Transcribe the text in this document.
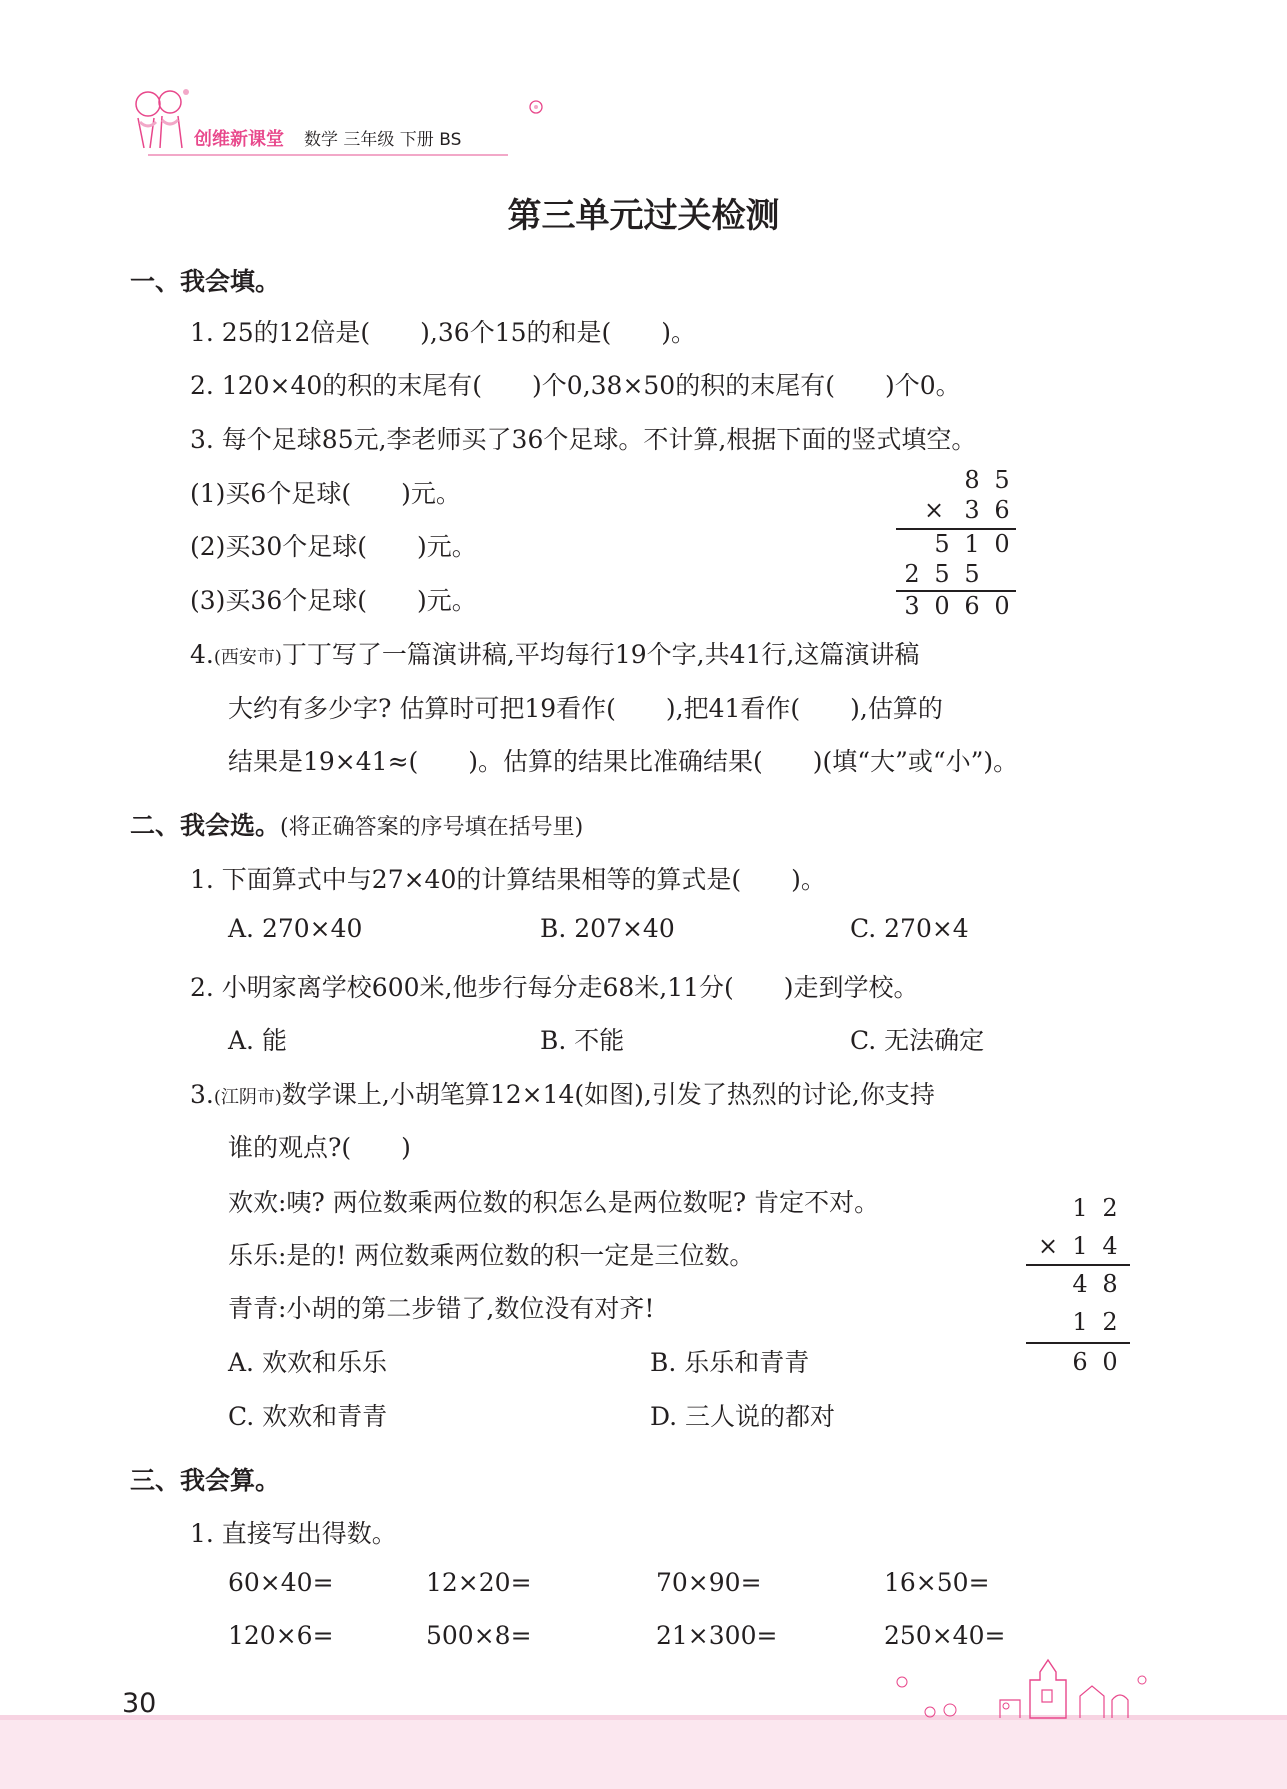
创维新课堂 数学 三年级 下册 BS
第三单元过关检测
一、我会填。
1. 25的12倍是(　　),36个15的和是(　　)。
2. 120×40的积的末尾有(　　)个0,38×50的积的末尾有(　　)个0。
3. 每个足球85元,李老师买了36个足球。不计算,根据下面的竖式填空。
(1)买6个足球(　　)元。
(2)买30个足球(　　)元。
(3)买36个足球(　　)元。
8 5
× 3 6
5 1 0
2 5 5
3 0 6 0
4.(西安市)丁丁写了一篇演讲稿,平均每行19个字,共41行,这篇演讲稿
大约有多少字? 估算时可把19看作(　　),把41看作(　　),估算的
结果是19×41≈(　　)。估算的结果比准确结果(　　)(填“大”或“小”)。
二、我会选。(将正确答案的序号填在括号里)
1. 下面算式中与27×40的计算结果相等的算式是(　　)。
A. 270×40	B. 207×40	C. 270×4
2. 小明家离学校600米,他步行每分走68米,11分(　　)走到学校。
A. 能	B. 不能	C. 无法确定
3.(江阴市)数学课上,小胡笔算12×14(如图),引发了热烈的讨论,你支持
谁的观点?(　　)
欢欢:咦? 两位数乘两位数的积怎么是两位数呢? 肯定不对。
乐乐:是的! 两位数乘两位数的积一定是三位数。
青青:小胡的第二步错了,数位没有对齐!
A. 欢欢和乐乐	B. 乐乐和青青
C. 欢欢和青青	D. 三人说的都对
1 2
× 1 4
4 8
1 2
6 0
三、我会算。
1. 直接写出得数。
60×40=	12×20=	70×90=	16×50=
120×6=	500×8=	21×300=	250×40=
30
